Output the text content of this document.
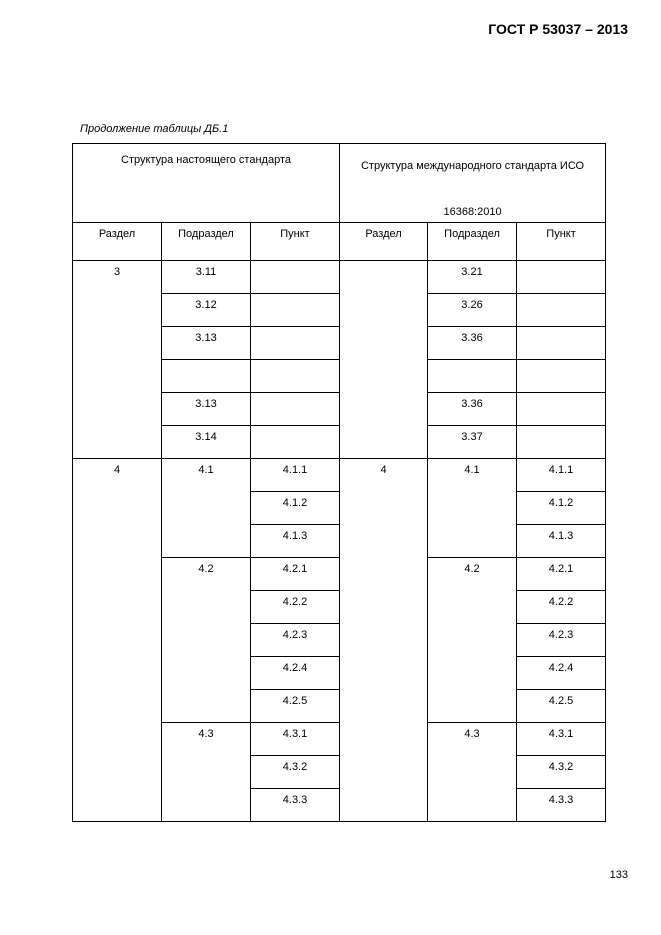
ГОСТ Р 53037 – 2013
Продолжение таблицы ДБ.1
Структура настоящего стандарта			Структура международного стандарта ИСО

16368:2010		

Раздел	Подраздел	Пункт	Раздел	Подраздел	Пункт

3	3.11			3.21	

	3.12			3.26	

	3.13			3.36	

	3.13			3.36	

	3.14			3.37	

4	4.1	4.1.1	4	4.1	4.1.1

		4.1.2			4.1.2

		4.1.3			4.1.3

	4.2	4.2.1		4.2	4.2.1

		4.2.2			4.2.2

		4.2.3			4.2.3

		4.2.4			4.2.4

		4.2.5			4.2.5

	4.3	4.3.1		4.3	4.3.1

		4.3.2			4.3.2

		4.3.3			4.3.3
133
